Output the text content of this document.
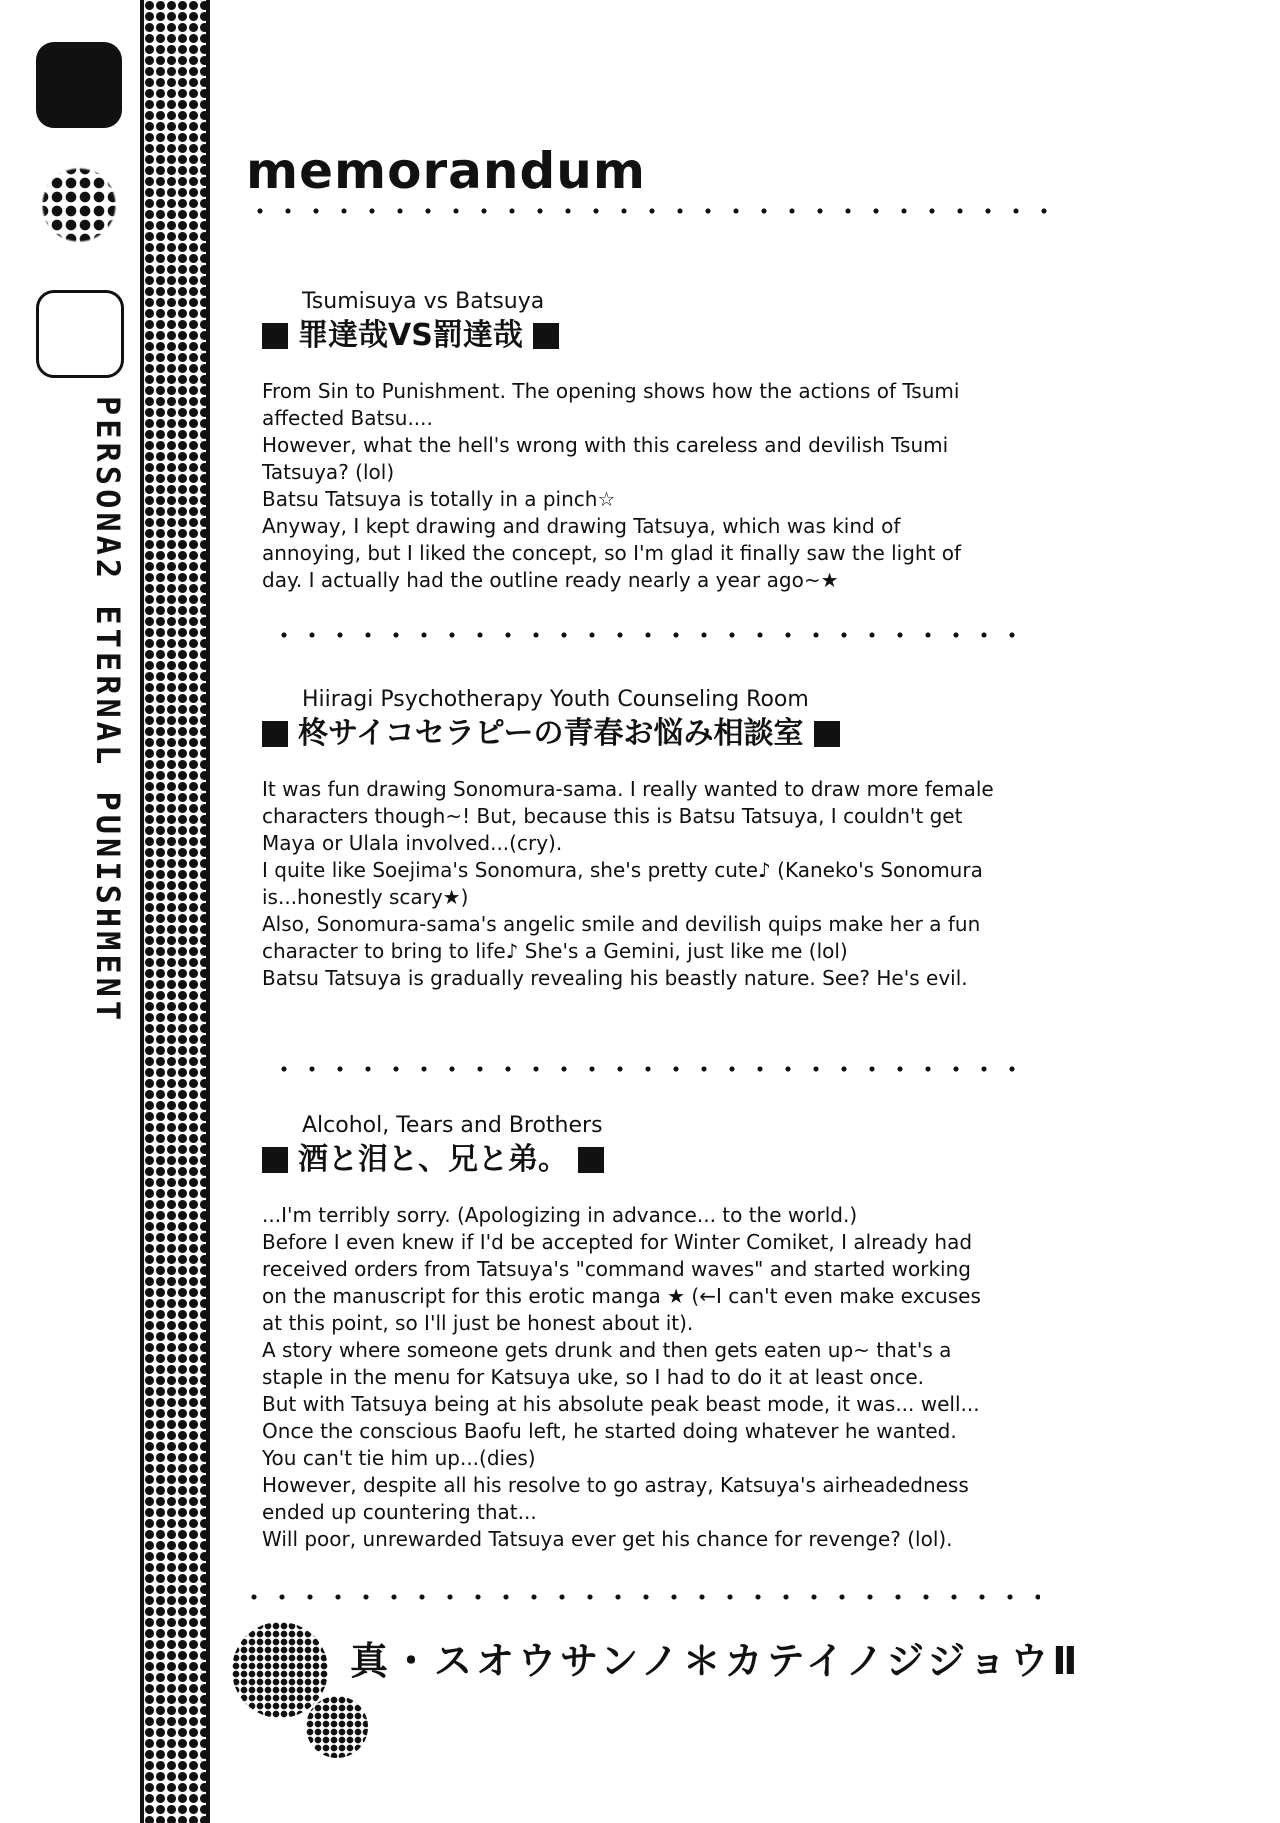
PERSONA2 ETERNAL PUNISHMENT
memorandum
Tsumisuya vs Batsuya
罪達哉VS罰達哉

From Sin to Punishment. The opening shows how the actions of Tsumi

affected Batsu....

However, what the hell's wrong with this careless and devilish Tsumi

Tatsuya? (lol)

Batsu Tatsuya is totally in a pinch☆

Anyway, I kept drawing and drawing Tatsuya, which was kind of

annoying, but I liked the concept, so I'm glad it finally saw the light of

day. I actually had the outline ready nearly a year ago~★

Hiiragi Psychotherapy Youth Counseling Room
柊サイコセラピーの青春お悩み相談室

It was fun drawing Sonomura-sama. I really wanted to draw more female

characters though~! But, because this is Batsu Tatsuya, I couldn't get

Maya or Ulala involved...(cry).

I quite like Soejima's Sonomura, she's pretty cute♪ (Kaneko's Sonomura

is...honestly scary★)

Also, Sonomura-sama's angelic smile and devilish quips make her a fun

character to bring to life♪ She's a Gemini, just like me (lol)

Batsu Tatsuya is gradually revealing his beastly nature. See? He's evil.

Alcohol, Tears and Brothers
酒と泪と、兄と弟。

...I'm terribly sorry. (Apologizing in advance... to the world.)

Before I even knew if I'd be accepted for Winter Comiket, I already had

received orders from Tatsuya's "command waves" and started working

on the manuscript for this erotic manga ★ (←I can't even make excuses

at this point, so I'll just be honest about it).

A story where someone gets drunk and then gets eaten up~ that's a

staple in the menu for Katsuya uke, so I had to do it at least once.

But with Tatsuya being at his absolute peak beast mode, it was... well...

Once the conscious Baofu left, he started doing whatever he wanted.

You can't tie him up...(dies)

However, despite all his resolve to go astray, Katsuya's airheadedness

ended up countering that...

Will poor, unrewarded Tatsuya ever get his chance for revenge? (lol).

真・スオウサンノ＊カテイノジジョウⅡ
